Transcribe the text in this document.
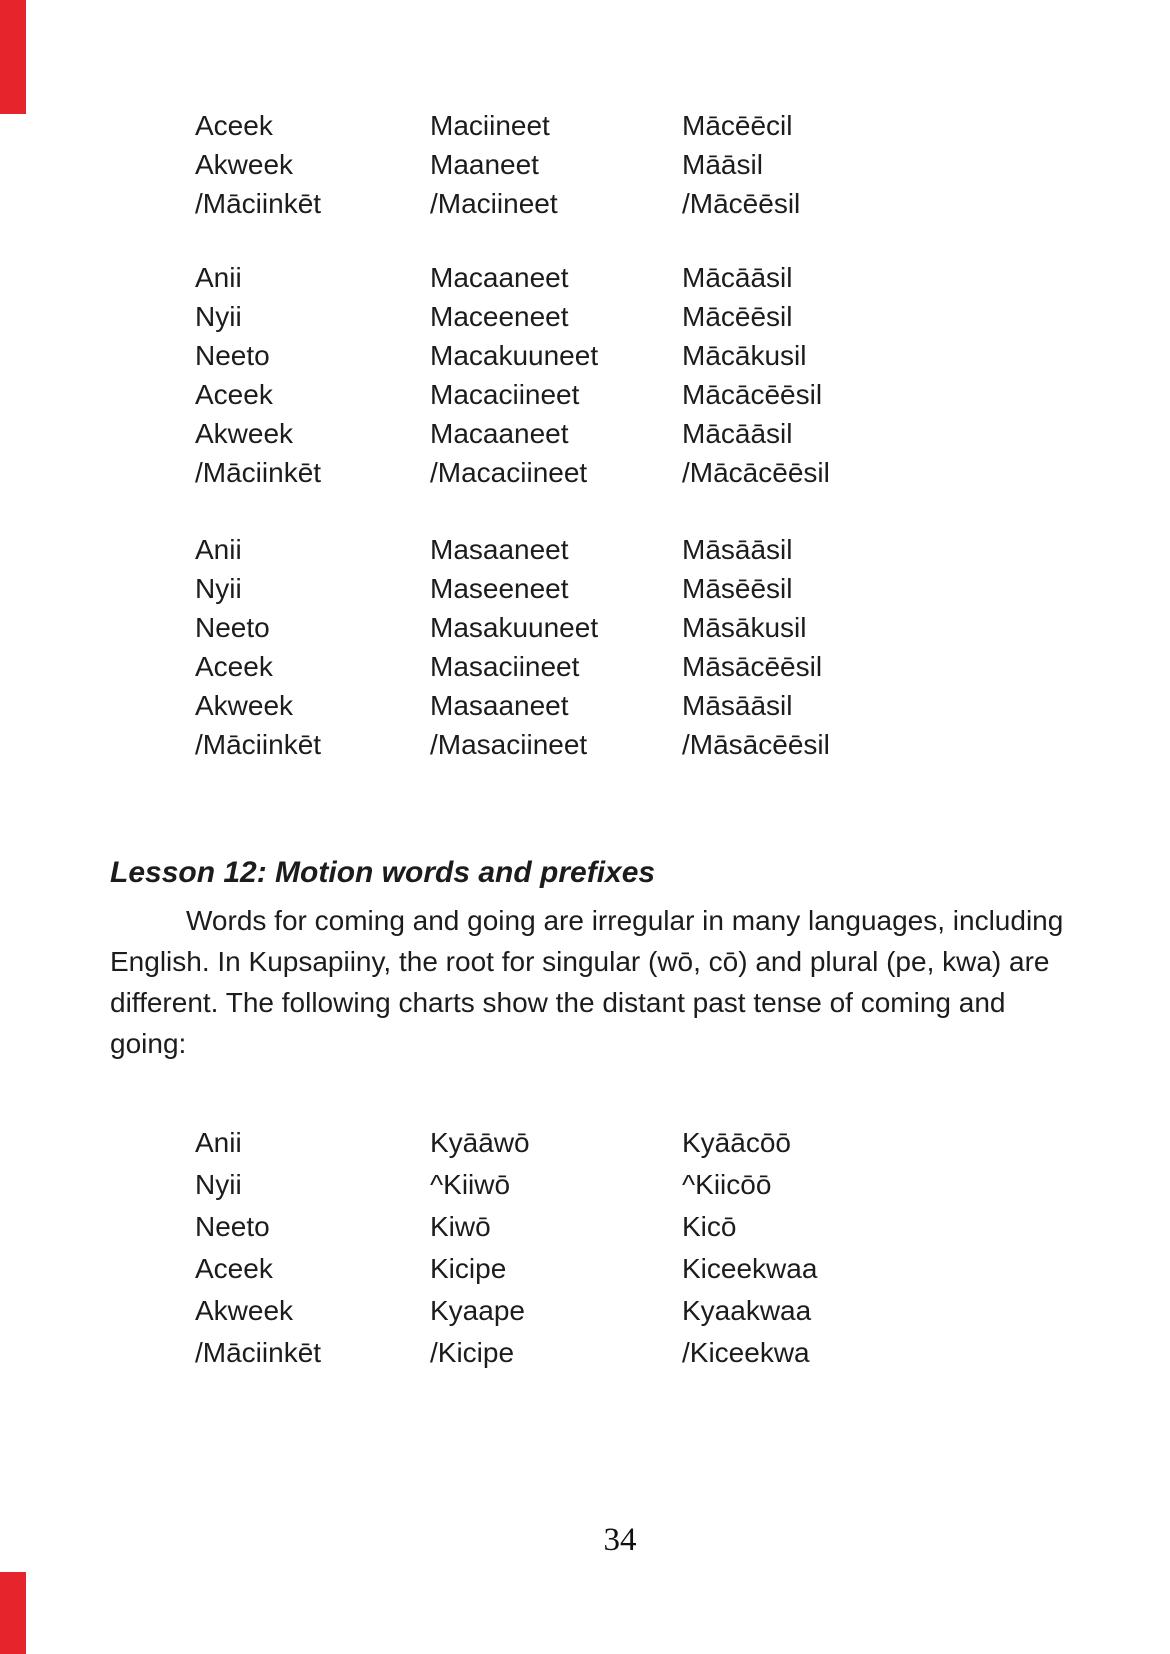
Aceek	Maciineet	Mācēēcil
Akweek	Maaneet	Māāsil
/Māciinkēt	/Maciineet	/Mācēēsil
Anii	Macaaneet	Mācāāsil
Nyii	Maceeneet	Mācēēsil
Neeto	Macakuuneet	Mācākusil
Aceek	Macaciineet	Mācācēēsil
Akweek	Macaaneet	Mācāāsil
/Māciinkēt	/Macaciineet	/Mācācēēsil
Anii	Masaaneet	Māsāāsil
Nyii	Maseeneet	Māsēēsil
Neeto	Masakuuneet	Māsākusil
Aceek	Masaciineet	Māsācēēsil
Akweek	Masaaneet	Māsāāsil
/Māciinkēt	/Masaciineet	/Māsācēēsil
Lesson 12: Motion words and prefixes

Words for coming and going are irregular in many languages, including English. In Kupsapiiny, the root for singular (wō, cō) and plural (pe, kwa) are different. The following charts show the distant past tense of coming and going:

Anii	Kyāāwō	Kyāācōō
Nyii	^Kiiwō	^Kiicōō
Neeto	Kiwō	Kicō
Aceek	Kicipe	Kiceekwaa
Akweek	Kyaape	Kyaakwaa
/Māciinkēt	/Kicipe	/Kiceekwa
34
